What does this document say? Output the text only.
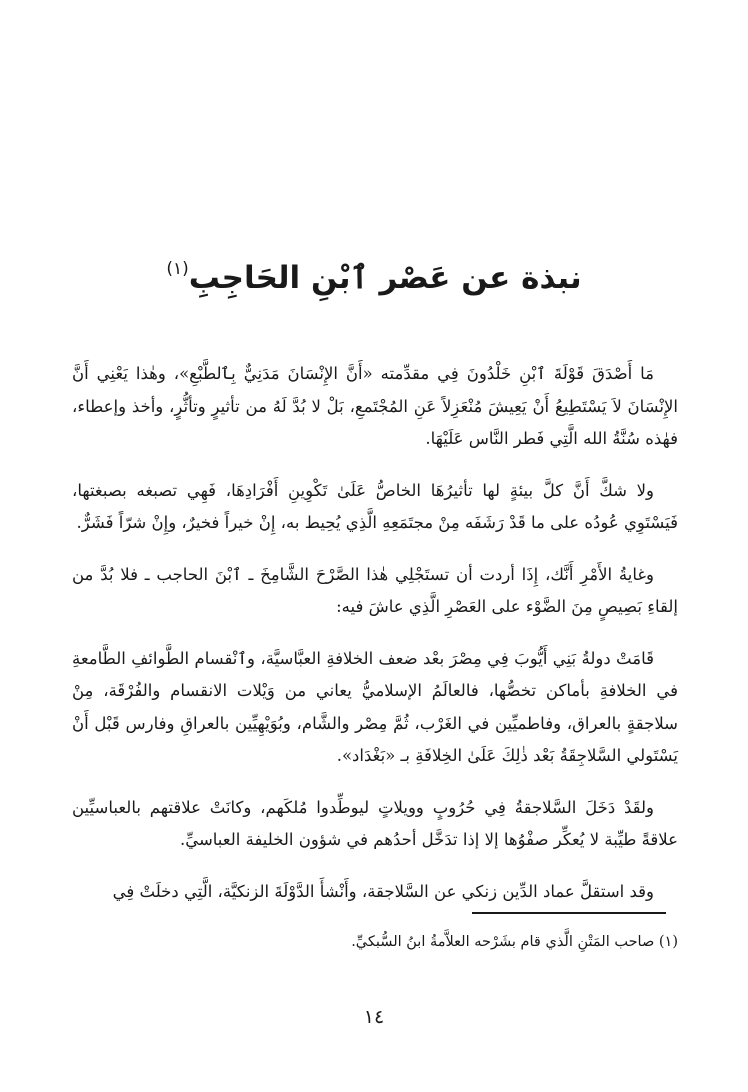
نبذة عن عَصْر ٱبْنِ الحَاجِبِ$^{(١)}$

مَا أَصْدَقَ قَوْلَةَ ٱبْنِ خَلْدُونَ فِي مقدِّمته «أَنَّ الإِنْسَانَ مَدَنِيٌّ بِٱلطَّبْعِ»، وهٰذا يَعْنِي أَنَّ الإِنْسَانَ لاَ يَسْتَطِيعُ أَنْ يَعِيشَ مُنْعَزِلاً عَنِ المُجْتَمعِ، بَلْ لا بُدَّ لَهُ من تأثيرٍ وتأثُّرٍ، وأخذ وإعطاء، فهٰذه سُنَّةُ الله الَّتِي فَطر النَّاس عَلَيْهَا.

ولا شكَّ أَنَّ كلَّ بيئةٍ لها تأثيرُهَا الخاصُّ عَلَىٰ تَكْوِينِ أَفْرَادِهَا، فَهِي تصبغه بصبغتها، فَيَسْتَوِي عُودُه على ما قَدْ رَشَفَه مِنْ مجتَمَعِهِ الَّذِي يُحِيط به، إِنْ خيراً فخيرٌ، وإِنْ شرّاً فَشَرٌّ.

وغايةُ الأَمْرِ أَنَّك، إِذَا أردت أن تستَجْلِي هٰذا الصَّرْحَ الشَّامِخَ ـ ٱبْنَ الحاجب ـ فلا بُدَّ من إلقاءِ بَصِيصٍ مِنَ الضَّوْء على العَصْرِ الَّذِي عاشَ فيه:

قَامَتْ دولةُ بَنِي أَيُّوبَ فِي مِصْرَ بعْد ضعف الخلافةِ العبَّاسيَّة، وٱنْقسام الطَّوائفِ الطَّامعةِ في الخلافةِ بأماكن تخصُّها، فالعالَمُ الإسلاميُّ يعاني من وَيْلات الانقسام والفُرْقَة، مِنْ سلاجقةٍ بالعراق، وفاطميِّين في الغَرْب، ثُمَّ مِصْر والشَّام، وبُوَيْهِيِّين بالعراقِ وفارس قَبْل أَنْ يَسْتَولي السَّلاجِقَةُ بَعْد ذٰلِكَ عَلَىٰ الخِلافَةِ بـ «بَغْدَاد».

ولقَدْ دَخَلَ السَّلاجقةُ فِي حُرُوبٍ وويلاتٍ ليوطِّدوا مُلكَهم، وكانَتْ علاقتهم بالعباسيِّين علاقةً طيِّبة لا يُعكِّر صفْوُها إلا إذا تدَخَّل أحدُهم في شؤون الخليفة العباسيِّ.

وقد استقلَّ عماد الدِّين زنكي عن السَّلاجقة، وأَنْشأَ الدَّوْلَةَ الزنكيَّة، الَّتِي دخلَتْ فِي

(١) صاحب المَتْنِ الَّذي قام بشَرْحه العلاَّمةُ ابنُ السُّبكيِّ.
١٤
